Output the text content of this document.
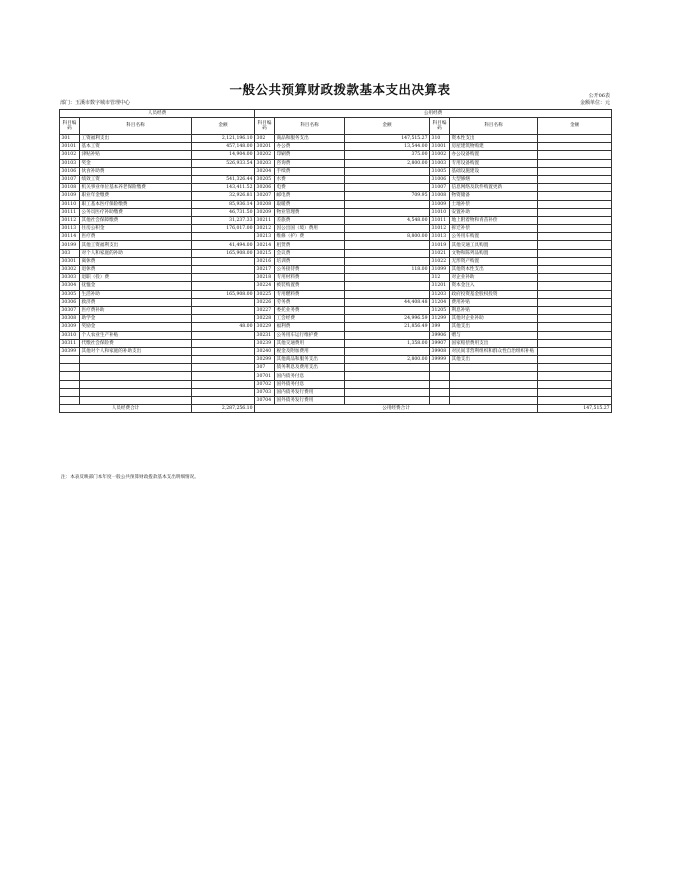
一般公共预算财政拨款基本支出决算表	公开06表
部门：玉溪市数字城市管理中心	金额单位：元
人员经费			公用经费					
科目编码	科目名称	金额	科目编码	科目名称	金额	科目编码	科目名称	金额
301	工资福利支出	2,121,196.10	302	商品和服务支出	147,515.27	310	资本性支出	
30101	基本工资	457,148.00	30201	办公费	13,544.00	31001	房屋建筑物购建	
30102	津贴补贴	14,904.00	30202	印刷费	375.00	31002	办公设备购置	
30103	奖金	526,933.54	30203	咨询费	2,800.00	31003	专用设备购置	
30106	伙食补助费		30204	手续费		31005	基础设施建设	
30107	绩效工资	541,326.44	30205	水费		31006	大型修缮	
30108	机关事业单位基本养老保险缴费	143,411.52	30206	电费		31007	信息网络及软件购置更新	
30109	职业年金缴费	32,926.81	30207	邮电费	709.95	31008	物资储备	
30110	职工基本医疗保险缴费	85,936.14	30208	取暖费		31009	土地补偿	
30111	公务员医疗补助缴费	46,731.50	30209	物业管理费		31010	安置补助	
30112	其他社会保障缴费	31,237.33	30211	差旅费	4,548.00	31011	地上附着物和青苗补偿	
30113	住房公积金	176,017.00	30212	因公出国（境）费用		31012	拆迁补偿	
30114	医疗费		30213	维修（护）费	8,800.00	31013	公务用车购置	
30199	其他工资福利支出	41,494.00	30214	租赁费		31019	其他交通工具购置	
303	对个人和家庭的补助	165,908.00	30215	会议费		31021	文物和陈列品购置	
30301	离休费		30216	培训费		31022	无形资产购置	
30302	退休费		30217	公务接待费	118.00	31099	其他资本性支出	
30303	退职（役）费		30218	专用材料费		312	对企业补助	
30304	抚恤金		30224	被装购置费		31201	资本金注入	
30305	生活补助	165,908.00	30225	专用燃料费		31203	政府投资基金股权投资	
30306	救济费		30226	劳务费	44,408.48	31204	费用补贴	
30307	医疗费补助		30227	委托业务费		31205	利息补贴	
30308	助学金		30228	工会经费	24,996.59	31299	其他对企业补助	
30309	奖励金	48.00	30229	福利费	21,856.49	399	其他支出	
30310	个人农业生产补贴		30231	公务用车运行维护费		39906	赠与	
30311	代缴社会保险费		30239	其他交通费用	1,358.00	39907	国家赔偿费用支出	
30399	其他对个人和家庭的补助支出		30240	税金及附加费用		39908	对民间非营利组织和群众性自治组织补贴	
			30299	其他商品和服务支出	2,800.00	39999	其他支出	
			307	债务利息及费用支出				
			30701	国内债务付息				
			30702	国外债务付息				
			30703	国内债务发行费用				
			30704	国外债务发行费用				
人员经费合计		2,287,256.10	公用经费合计					147,515.27
注：本表反映部门本年度一般公共预算财政拨款基本支出明细情况。
